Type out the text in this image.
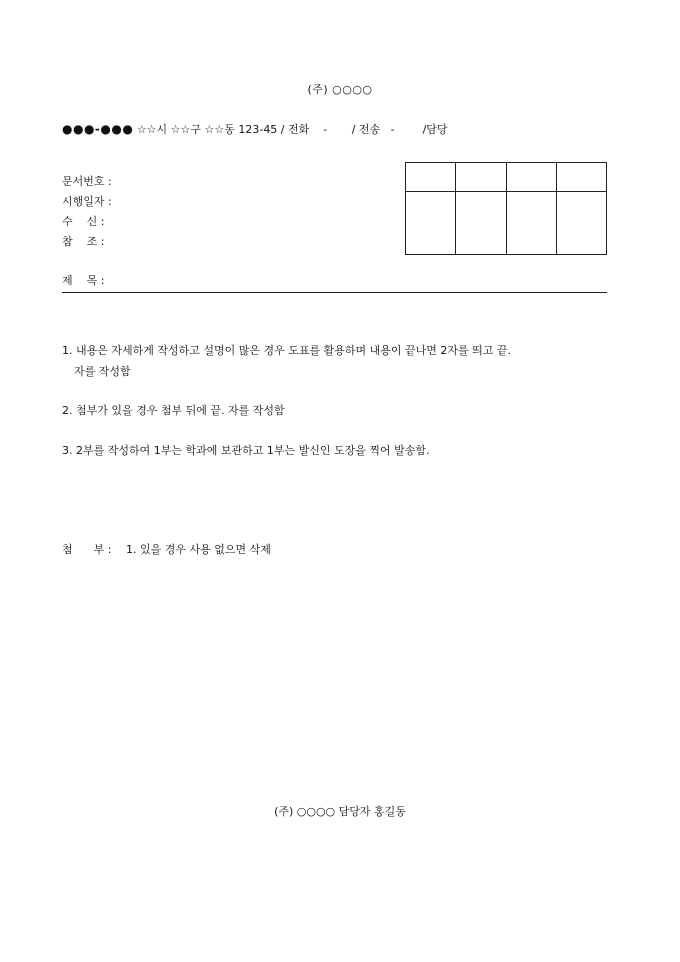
(주) ○○○○
●●●-●●● ☆☆시 ☆☆구 ☆☆동 123-45 / 전화    -       / 전송   -        /담당
문서번호 :
시행일자 :
수    신 :
참    조 :

제    목 :
1. 내용은 자세하게 작성하고 설명이 많은 경우 도표를 활용하며 내용이 끝나면 2자를 띄고 끝.
자를 작성함
2. 첨부가 있을 경우 첨부 뒤에 끝. 자를 작성함
3. 2부를 작성하여 1부는 학과에 보관하고 1부는 발신인 도장을 찍어 발송함.
첨      부 : 1. 있을 경우 사용 없으면 삭제
(주) ○○○○ 담당자 홍길동
